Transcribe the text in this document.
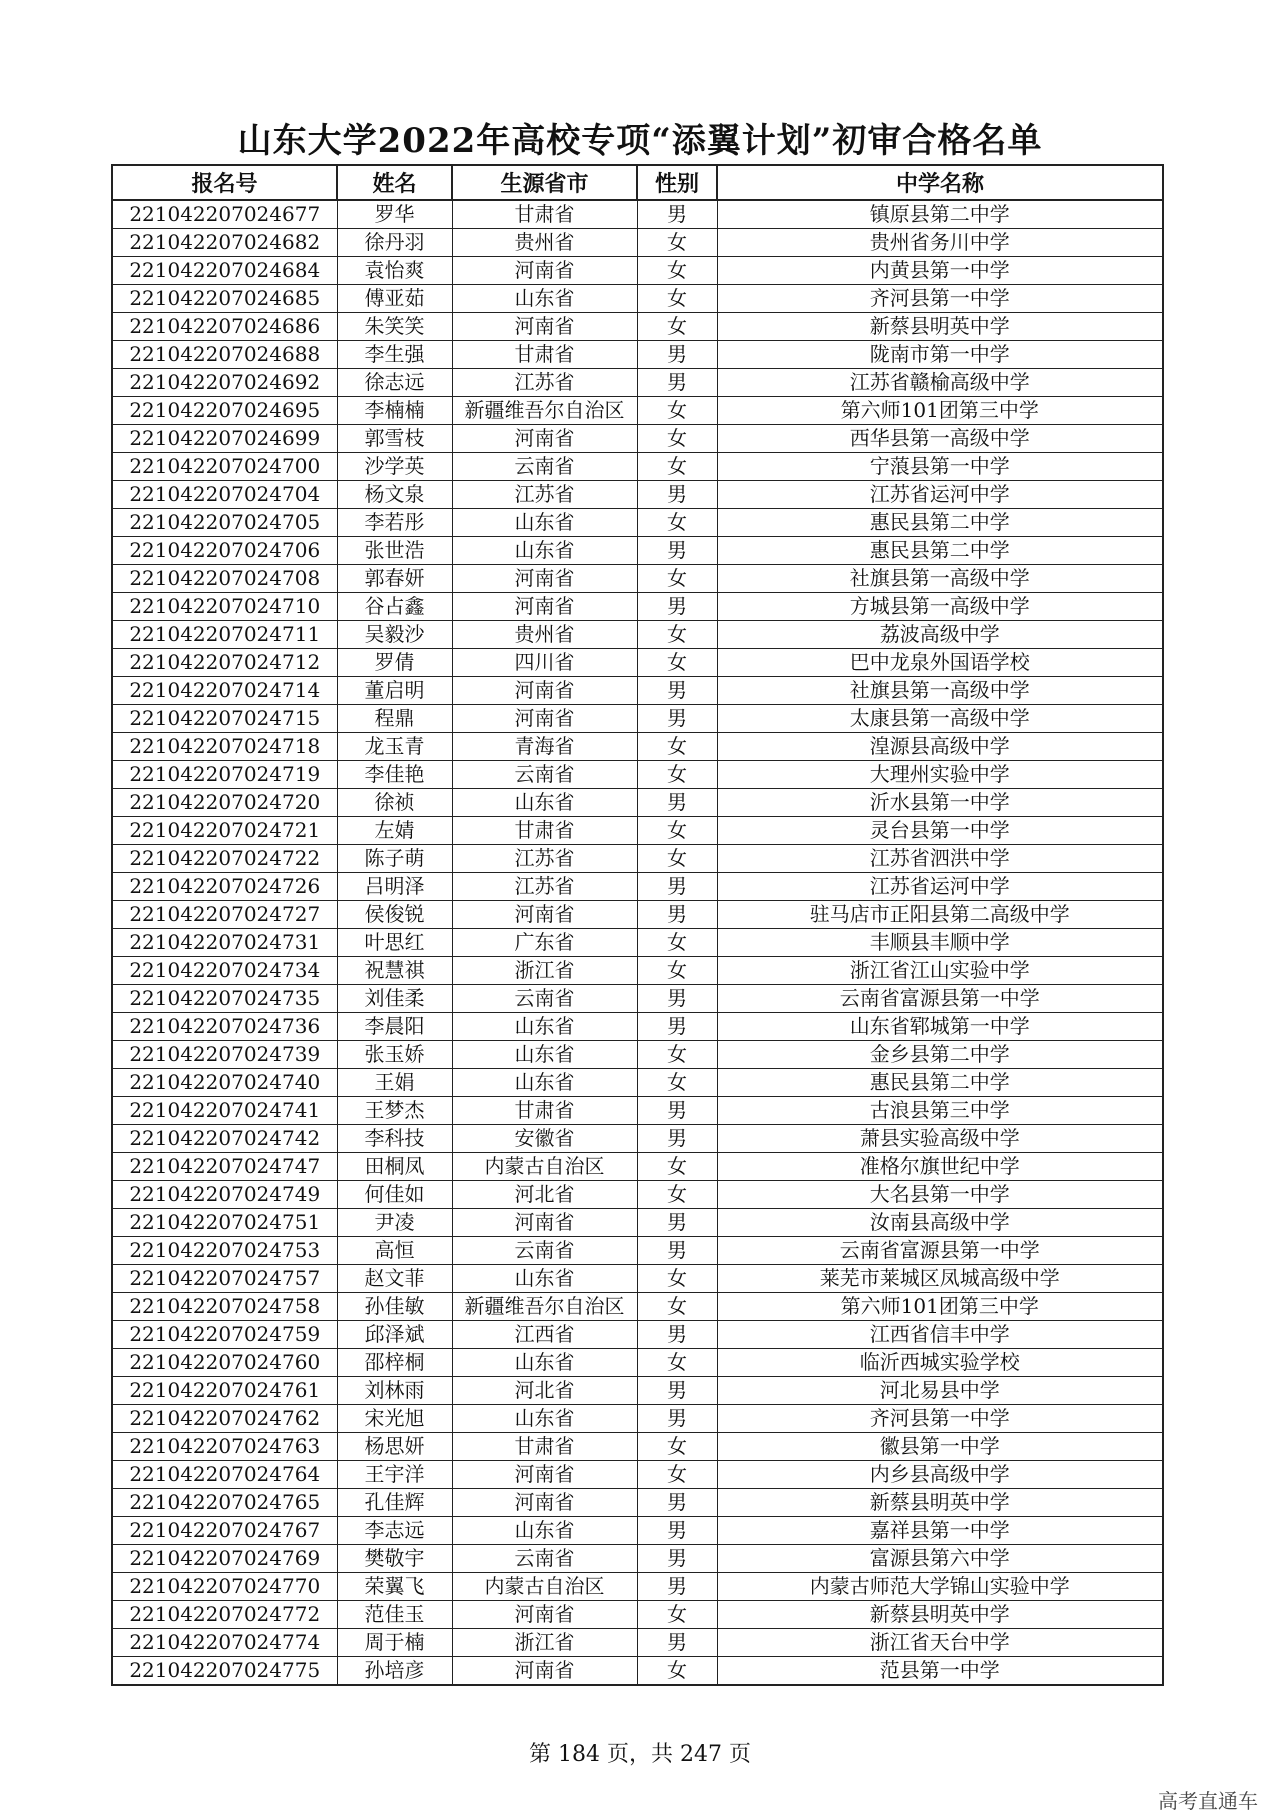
山东大学2022年高校专项“添翼计划”初审合格名单
报名号	姓名	生源省市	性别	中学名称
221042207024677	罗华	甘肃省	男	镇原县第二中学
221042207024682	徐丹羽	贵州省	女	贵州省务川中学
221042207024684	袁怡爽	河南省	女	内黄县第一中学
221042207024685	傅亚茹	山东省	女	齐河县第一中学
221042207024686	朱笑笑	河南省	女	新蔡县明英中学
221042207024688	李生强	甘肃省	男	陇南市第一中学
221042207024692	徐志远	江苏省	男	江苏省赣榆高级中学
221042207024695	李楠楠	新疆维吾尔自治区	女	第六师101团第三中学
221042207024699	郭雪枝	河南省	女	西华县第一高级中学
221042207024700	沙学英	云南省	女	宁蒗县第一中学
221042207024704	杨文泉	江苏省	男	江苏省运河中学
221042207024705	李若彤	山东省	女	惠民县第二中学
221042207024706	张世浩	山东省	男	惠民县第二中学
221042207024708	郭春妍	河南省	女	社旗县第一高级中学
221042207024710	谷占鑫	河南省	男	方城县第一高级中学
221042207024711	吴毅沙	贵州省	女	荔波高级中学
221042207024712	罗倩	四川省	女	巴中龙泉外国语学校
221042207024714	董启明	河南省	男	社旗县第一高级中学
221042207024715	程鼎	河南省	男	太康县第一高级中学
221042207024718	龙玉青	青海省	女	湟源县高级中学
221042207024719	李佳艳	云南省	女	大理州实验中学
221042207024720	徐祯	山东省	男	沂水县第一中学
221042207024721	左婧	甘肃省	女	灵台县第一中学
221042207024722	陈子萌	江苏省	女	江苏省泗洪中学
221042207024726	吕明泽	江苏省	男	江苏省运河中学
221042207024727	侯俊锐	河南省	男	驻马店市正阳县第二高级中学
221042207024731	叶思红	广东省	女	丰顺县丰顺中学
221042207024734	祝慧祺	浙江省	女	浙江省江山实验中学
221042207024735	刘佳柔	云南省	男	云南省富源县第一中学
221042207024736	李晨阳	山东省	男	山东省郓城第一中学
221042207024739	张玉娇	山东省	女	金乡县第二中学
221042207024740	王娟	山东省	女	惠民县第二中学
221042207024741	王梦杰	甘肃省	男	古浪县第三中学
221042207024742	李科技	安徽省	男	萧县实验高级中学
221042207024747	田桐凤	内蒙古自治区	女	准格尔旗世纪中学
221042207024749	何佳如	河北省	女	大名县第一中学
221042207024751	尹凌	河南省	男	汝南县高级中学
221042207024753	高恒	云南省	男	云南省富源县第一中学
221042207024757	赵文菲	山东省	女	莱芜市莱城区凤城高级中学
221042207024758	孙佳敏	新疆维吾尔自治区	女	第六师101团第三中学
221042207024759	邱泽斌	江西省	男	江西省信丰中学
221042207024760	邵梓桐	山东省	女	临沂西城实验学校
221042207024761	刘林雨	河北省	男	河北易县中学
221042207024762	宋光旭	山东省	男	齐河县第一中学
221042207024763	杨思妍	甘肃省	女	徽县第一中学
221042207024764	王宇洋	河南省	女	内乡县高级中学
221042207024765	孔佳辉	河南省	男	新蔡县明英中学
221042207024767	李志远	山东省	男	嘉祥县第一中学
221042207024769	樊敬宇	云南省	男	富源县第六中学
221042207024770	荣翼飞	内蒙古自治区	男	内蒙古师范大学锦山实验中学
221042207024772	范佳玉	河南省	女	新蔡县明英中学
221042207024774	周于楠	浙江省	男	浙江省天台中学
221042207024775	孙培彦	河南省	女	范县第一中学
第 184 页，共 247 页
高考直通车
